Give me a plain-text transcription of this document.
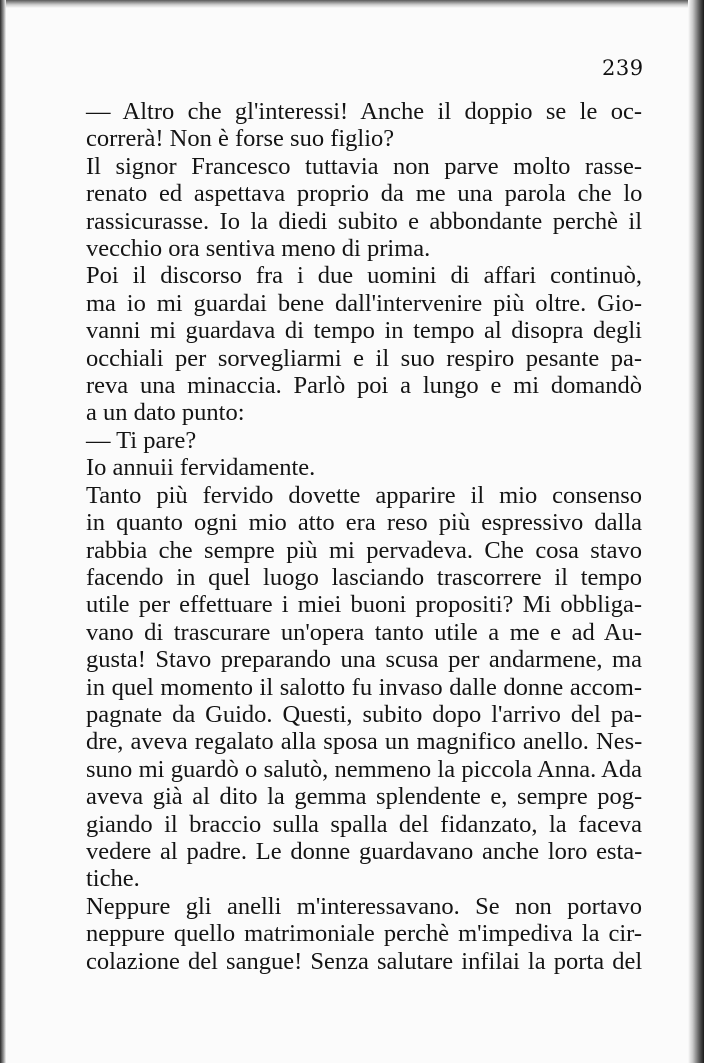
239

— Altro che gl'interessi! Anche il doppio se le oc-
correrà! Non è forse suo figlio?

Il signor Francesco tuttavia non parve molto rasse-
renato ed aspettava proprio da me una parola che lo
rassicurasse. Io la diedi subito e abbondante perchè il
vecchio ora sentiva meno di prima.

Poi il discorso fra i due uomini di affari continuò,
ma io mi guardai bene dall'intervenire più oltre. Gio-
vanni mi guardava di tempo in tempo al disopra degli
occhiali per sorvegliarmi e il suo respiro pesante pa-
reva una minaccia. Parlò poi a lungo e mi domandò
a un dato punto:

— Ti pare?

Io annuii fervidamente.

Tanto più fervido dovette apparire il mio consenso
in quanto ogni mio atto era reso più espressivo dalla
rabbia che sempre più mi pervadeva. Che cosa stavo
facendo in quel luogo lasciando trascorrere il tempo
utile per effettuare i miei buoni propositi? Mi obbliga-
vano di trascurare un'opera tanto utile a me e ad Au-
gusta! Stavo preparando una scusa per andarmene, ma
in quel momento il salotto fu invaso dalle donne accom-
pagnate da Guido. Questi, subito dopo l'arrivo del pa-
dre, aveva regalato alla sposa un magnifico anello. Nes-
suno mi guardò o salutò, nemmeno la piccola Anna. Ada
aveva già al dito la gemma splendente e, sempre pog-
giando il braccio sulla spalla del fidanzato, la faceva
vedere al padre. Le donne guardavano anche loro esta-
tiche.

Neppure gli anelli m'interessavano. Se non portavo
neppure quello matrimoniale perchè m'impediva la cir-
colazione del sangue! Senza salutare infilai la porta del
